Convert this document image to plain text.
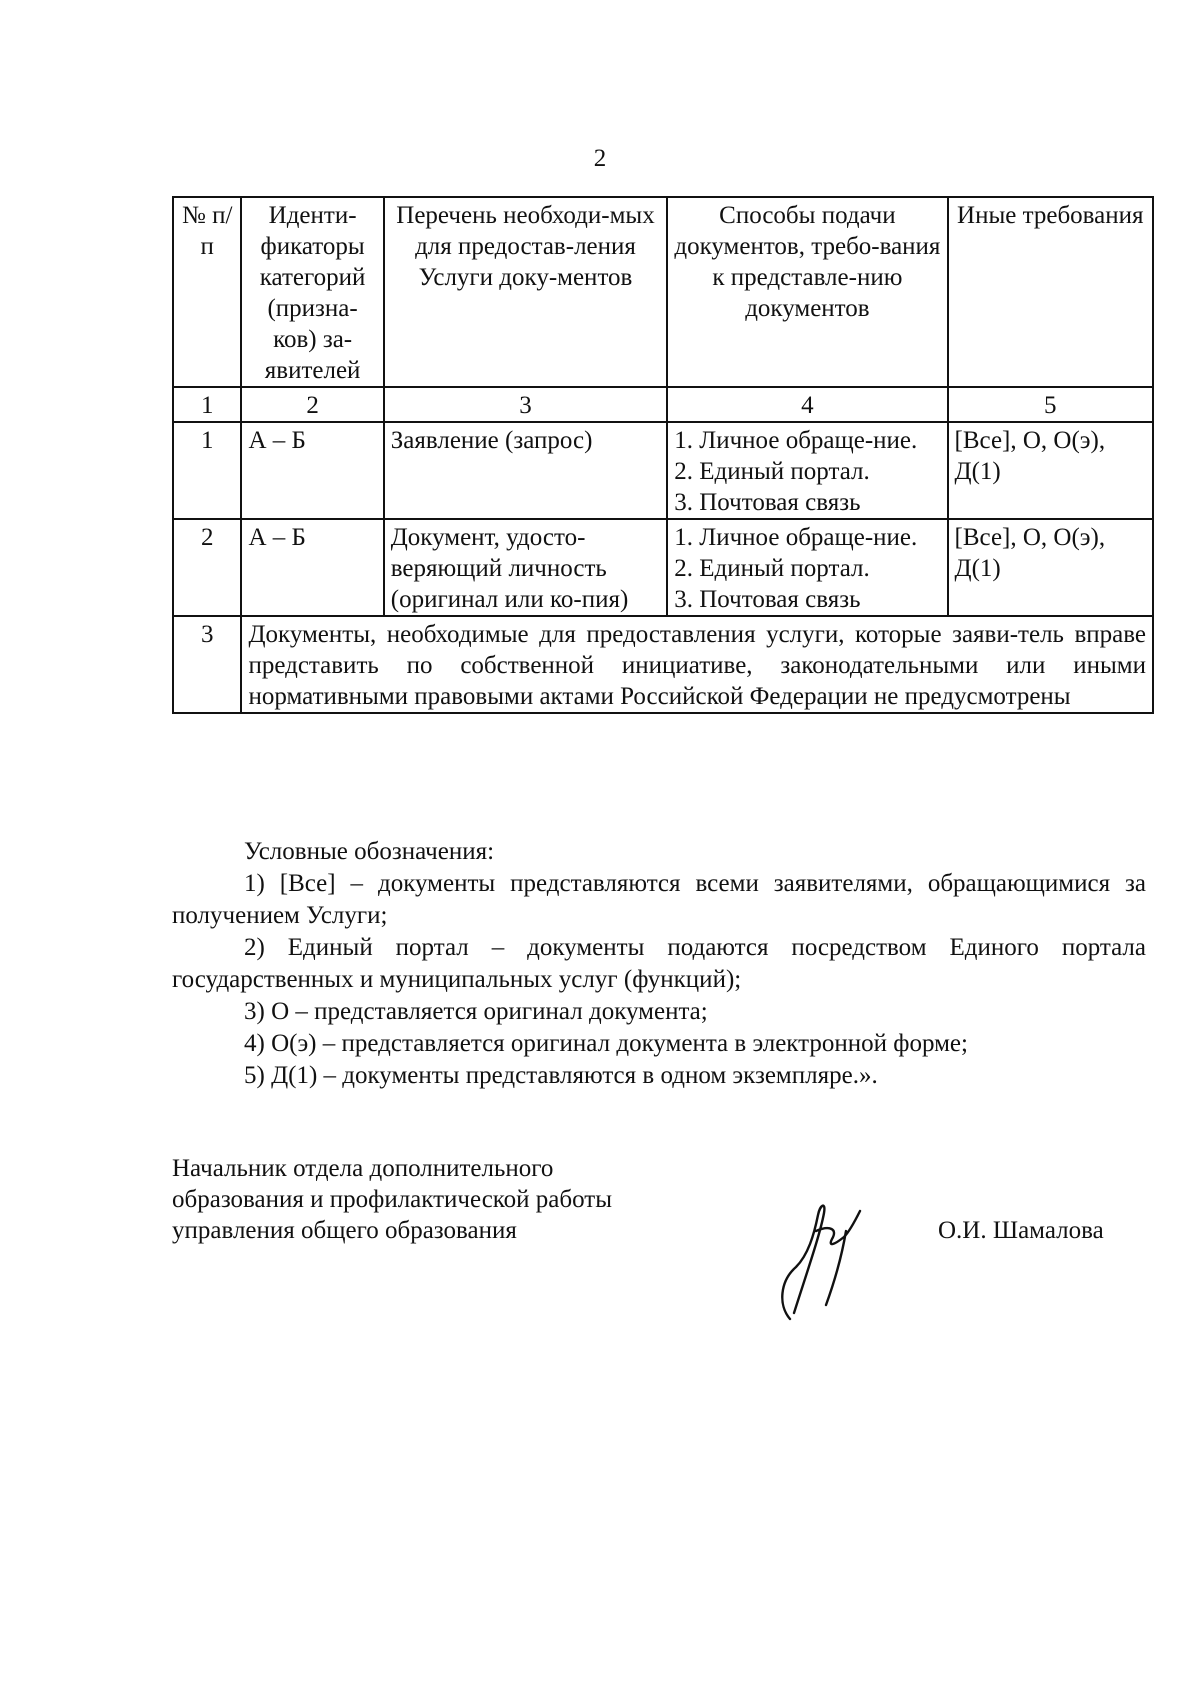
2
№ п/п	Иденти-фикаторы категорий (призна-ков) за-явителей	Перечень необходи-мых для предостав-ления Услуги доку-ментов	Способы подачи документов, требо-вания к представле-нию документов	Иные требования
1	2	3	4	5
1	А – Б	Заявление (запрос)	1. Личное обраще-ние.
2. Единый портал.
3. Почтовая связь	[Все], О, О(э), Д(1)
2	А – Б	Документ, удосто-веряющий личность (оригинал или ко-пия)	1. Личное обраще-ние.
2. Единый портал.
3. Почтовая связь	[Все], О, О(э), Д(1)
3	Документы, необходимые для предоставления услуги, которые заяви-тель вправе представить по собственной инициативе, законодательными или иными нормативными правовыми актами Российской Федерации не предусмотрены			

Условные обозначения:

1) [Все] – документы представляются всеми заявителями, обращающимися за получением Услуги;

2) Единый портал – документы подаются посредством Единого портала государственных и муниципальных услуг (функций);

3) О – представляется оригинал документа;

4) О(э) – представляется оригинал документа в электронной форме;

5) Д(1) – документы представляются в одном экземпляре.».

Начальник отдела дополнительного

образования и профилактической работы

управления общего образования	О.И. Шамалова
